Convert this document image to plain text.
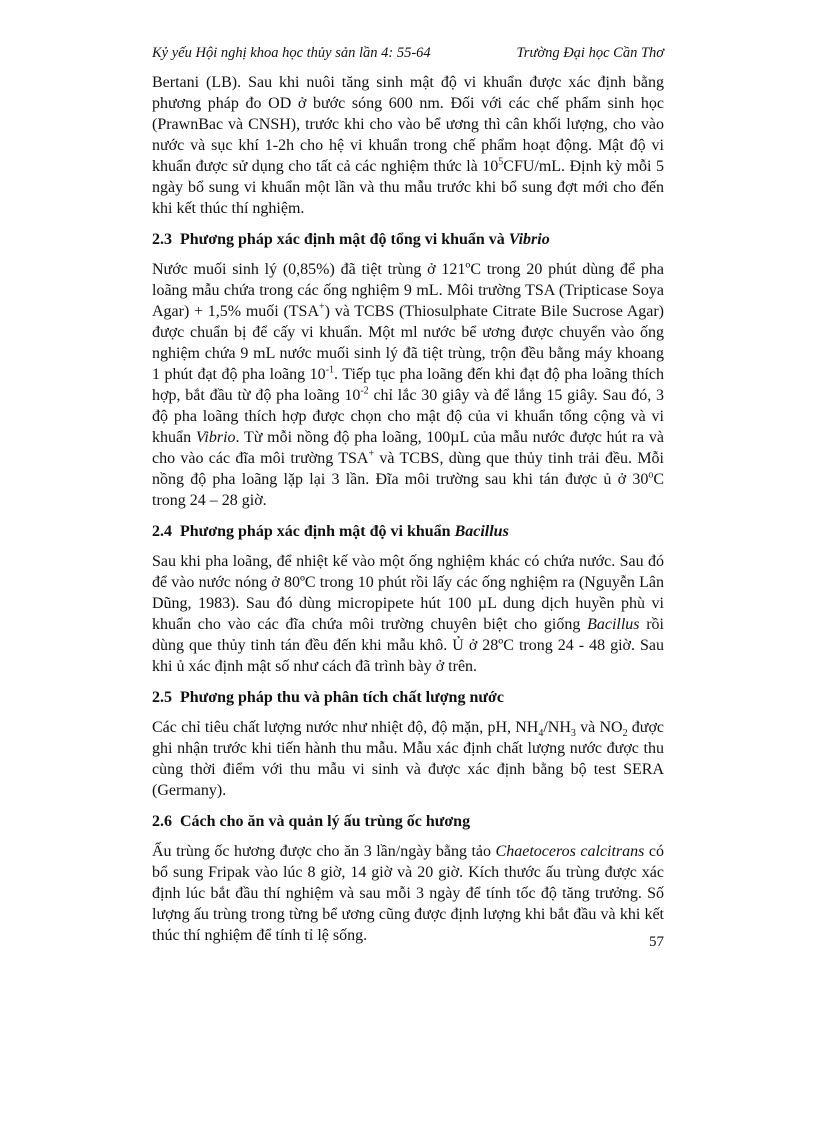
Kỷ yếu Hội nghị khoa học thủy sản lần 4: 55-64	Trường Đại học Cần Thơ

Bertani (LB). Sau khi nuôi tăng sinh mật độ vi khuẩn được xác định bằng phương pháp đo OD ở bước sóng 600 nm. Đối với các chế phẩm sinh học (PrawnBac và CNSH), trước khi cho vào bể ương thì cân khối lượng, cho vào nước và sục khí 1-2h cho hệ vi khuẩn trong chế phẩm hoạt động. Mật độ vi khuẩn được sử dụng cho tất cả các nghiệm thức là $10^5CFU/mL$. Định kỳ mỗi 5 ngày bổ sung vi khuẩn một lần và thu mẫu trước khi bổ sung đợt mới cho đến khi kết thúc thí nghiệm.

2.3 Phương pháp xác định mật độ tổng vi khuẩn và Vibrio

Nước muối sinh lý (0,85%) đã tiệt trùng ở 121ºC trong 20 phút dùng để pha loãng mẫu chứa trong các ống nghiệm 9 mL. Môi trường TSA (Tripticase Soya Agar) + 1,5% muối (TSA+) và TCBS (Thiosulphate Citrate Bile Sucrose Agar) được chuẩn bị để cấy vi khuẩn. Một ml nước bể ương được chuyển vào ống nghiệm chứa 9 mL nước muối sinh lý đã tiệt trùng, trộn đều bằng máy khoang 1 phút đạt độ pha loãng $10^{-1}$. Tiếp tục pha loãng đến khi đạt độ pha loãng thích hợp, bắt đầu từ độ pha loãng $10^{-2}$ chỉ lắc 30 giây và để lắng 15 giây. Sau đó, 3 độ pha loãng thích hợp được chọn cho mật độ của vi khuẩn tổng cộng và vi khuẩn Vibrio. Từ mỗi nồng độ pha loãng, 100µL của mẫu nước được hút ra và cho vào các đĩa môi trường TSA+ và TCBS, dùng que thủy tinh trải đều. Mỗi nồng độ pha loãng lặp lại 3 lần. Đĩa môi trường sau khi tán được ủ ở 30$^o$C trong 24 – 28 giờ.

2.4 Phương pháp xác định mật độ vi khuẩn Bacillus

Sau khi pha loãng, để nhiệt kế vào một ống nghiệm khác có chứa nước. Sau đó để vào nước nóng ở 80ºC trong 10 phút rồi lấy các ống nghiệm ra (Nguyễn Lân Dũng, 1983). Sau đó dùng micropipete hút 100 µL dung dịch huyền phù vi khuẩn cho vào các đĩa chứa môi trường chuyên biệt cho giống Bacillus rồi dùng que thủy tinh tán đều đến khi mẫu khô. Ủ ở 28ºC trong 24 - 48 giờ. Sau khi ủ xác định mật số như cách đã trình bày ở trên.

2.5 Phương pháp thu và phân tích chất lượng nước

Các chỉ tiêu chất lượng nước như nhiệt độ, độ mặn, pH, $NH_4/NH_3$ và $NO_2$ được ghi nhận trước khi tiến hành thu mẫu. Mẫu xác định chất lượng nước được thu cùng thời điểm với thu mẫu vi sinh và được xác định bằng bộ test SERA (Germany).

2.6 Cách cho ăn và quản lý ấu trùng ốc hương

Ấu trùng ốc hương được cho ăn 3 lần/ngày bằng tảo Chaetoceros calcitrans có bổ sung Fripak vào lúc 8 giờ, 14 giờ và 20 giờ. Kích thước ấu trùng được xác định lúc bắt đầu thí nghiệm và sau mỗi 3 ngày để tính tốc độ tăng trưởng. Số lượng ấu trùng trong từng bể ương cũng được định lượng khi bắt đầu và khi kết thúc thí nghiệm để tính tỉ lệ sống.	57
